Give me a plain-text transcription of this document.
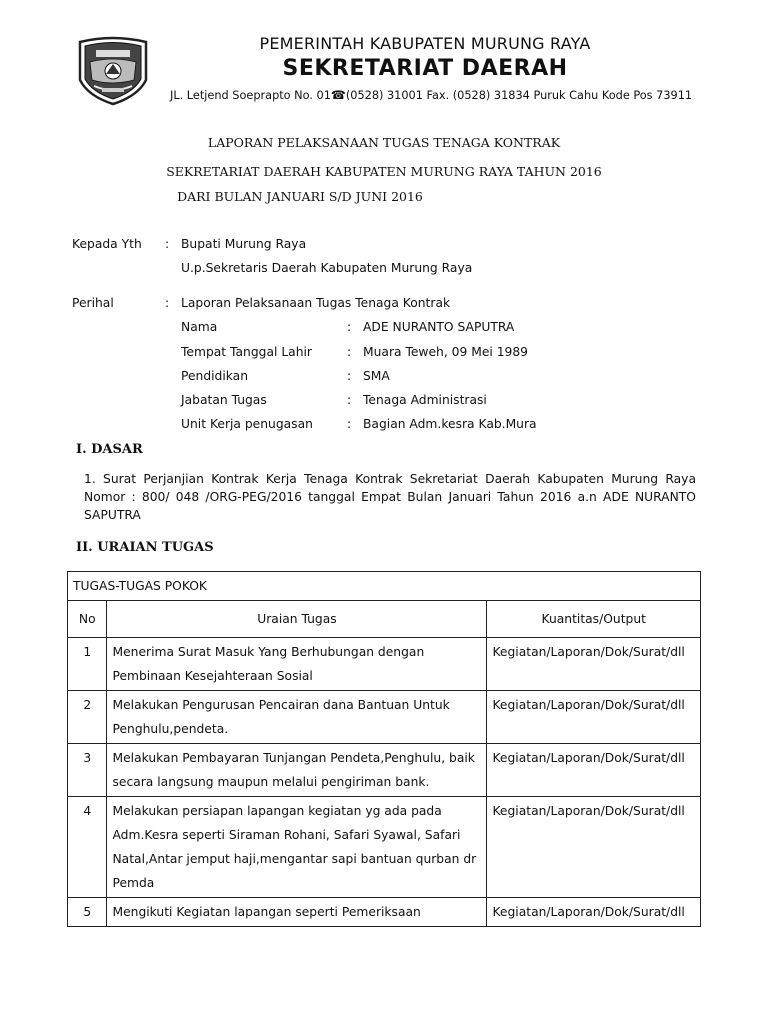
PEMERINTAH KABUPATEN MURUNG RAYA
SEKRETARIAT DAERAH
JL. Letjend Soeprapto No. 01☎(0528) 31001 Fax. (0528) 31834 Puruk Cahu Kode Pos 73911
LAPORAN PELAKSANAAN TUGAS TENAGA KONTRAK
SEKRETARIAT DAERAH KABUPATEN MURUNG RAYA TAHUN 2016
DARI BULAN JANUARI S/D JUNI 2016
Kepada Yth : Bupati Murung Raya
U.p.Sekretaris Daerah Kabupaten Murung Raya
Perihal	: Laporan Pelaksanaan Tugas Tenaga Kontrak
Nama	: ADE NURANTO SAPUTRA
Tempat Tanggal Lahir	: Muara Teweh, 09 Mei 1989
Pendidikan	: SMA
Jabatan Tugas	: Tenaga Administrasi
Unit Kerja penugasan	: Bagian Adm.kesra Kab.Mura
I. DASAR
1. Surat Perjanjian Kontrak Kerja Tenaga Kontrak Sekretariat Daerah Kabupaten Murung Raya Nomor : 800/ 048 /ORG-PEG/2016 tanggal Empat Bulan Januari Tahun 2016 a.n ADE NURANTO SAPUTRA
II. URAIAN TUGAS
TUGAS-TUGAS POKOK		
No	Uraian Tugas	Kuantitas/Output
1	Menerima Surat Masuk Yang Berhubungan dengan Pembinaan Kesejahteraan Sosial	Kegiatan/Laporan/Dok/Surat/dll
2	Melakukan Pengurusan Pencairan dana Bantuan Untuk Penghulu,pendeta.	Kegiatan/Laporan/Dok/Surat/dll
3	Melakukan Pembayaran Tunjangan Pendeta,Penghulu, baik secara langsung maupun melalui pengiriman bank.	Kegiatan/Laporan/Dok/Surat/dll
4	Melakukan persiapan lapangan kegiatan yg ada pada Adm.Kesra seperti Siraman Rohani, Safari Syawal, Safari Natal,Antar jemput haji,mengantar sapi bantuan qurban dr Pemda	Kegiatan/Laporan/Dok/Surat/dll
5	Mengikuti Kegiatan lapangan seperti Pemeriksaan	Kegiatan/Laporan/Dok/Surat/dll
